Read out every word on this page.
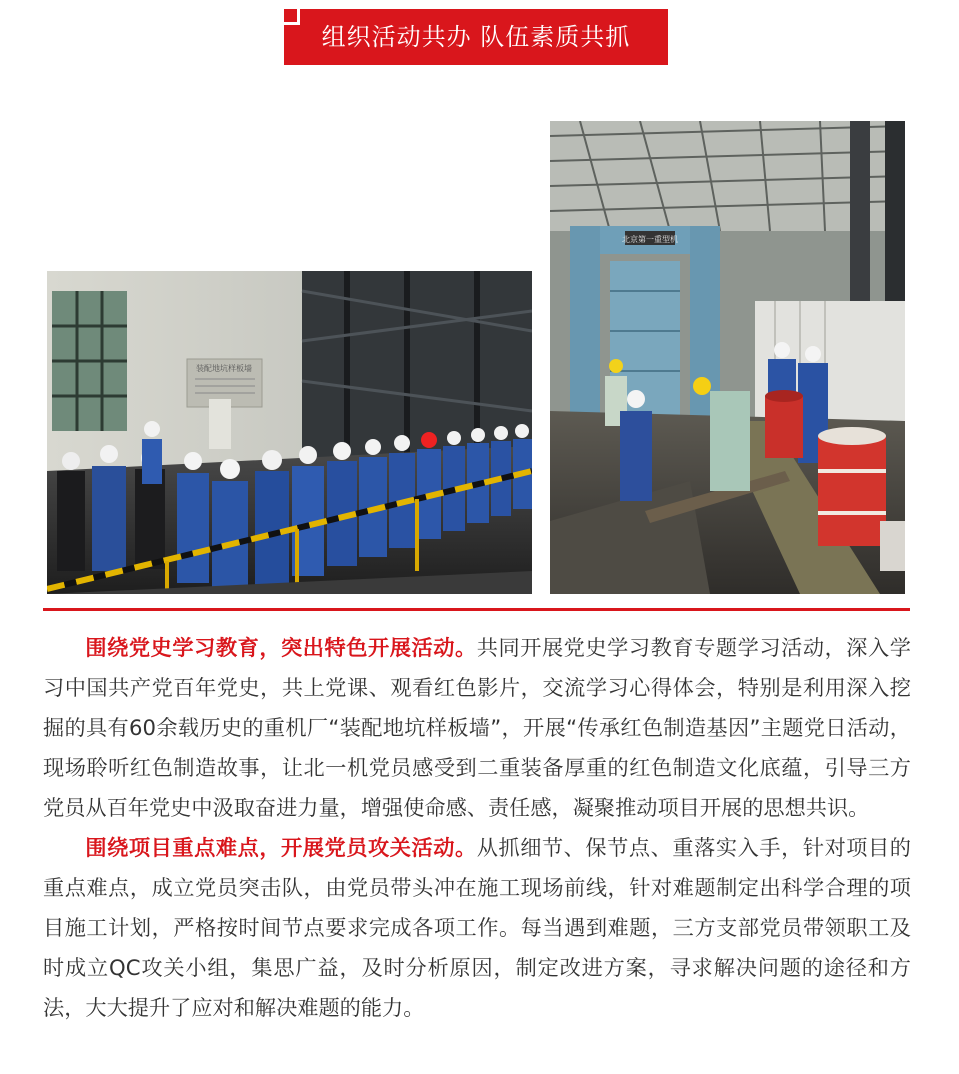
组织活动共办 队伍素质共抓
装配地坑样板墙
北京第一重型机

围绕党史学习教育，突出特色开展活动。共同开展党史学习教育专题学习活动，深入学习中国共产党百年党史，共上党课、观看红色影片，交流学习心得体会，特别是利用深入挖掘的具有60余载历史的重机厂“装配地坑样板墙”，开展“传承红色制造基因”主题党日活动，现场聆听红色制造故事，让北一机党员感受到二重装备厚重的红色制造文化底蕴，引导三方党员从百年党史中汲取奋进力量，增强使命感、责任感，凝聚推动项目开展的思想共识。

围绕项目重点难点，开展党员攻关活动。从抓细节、保节点、重落实入手，针对项目的重点难点，成立党员突击队，由党员带头冲在施工现场前线，针对难题制定出科学合理的项目施工计划，严格按时间节点要求完成各项工作。每当遇到难题，三方支部党员带领职工及时成立QC攻关小组，集思广益，及时分析原因，制定改进方案，寻求解决问题的途径和方法，大大提升了应对和解决难题的能力。
